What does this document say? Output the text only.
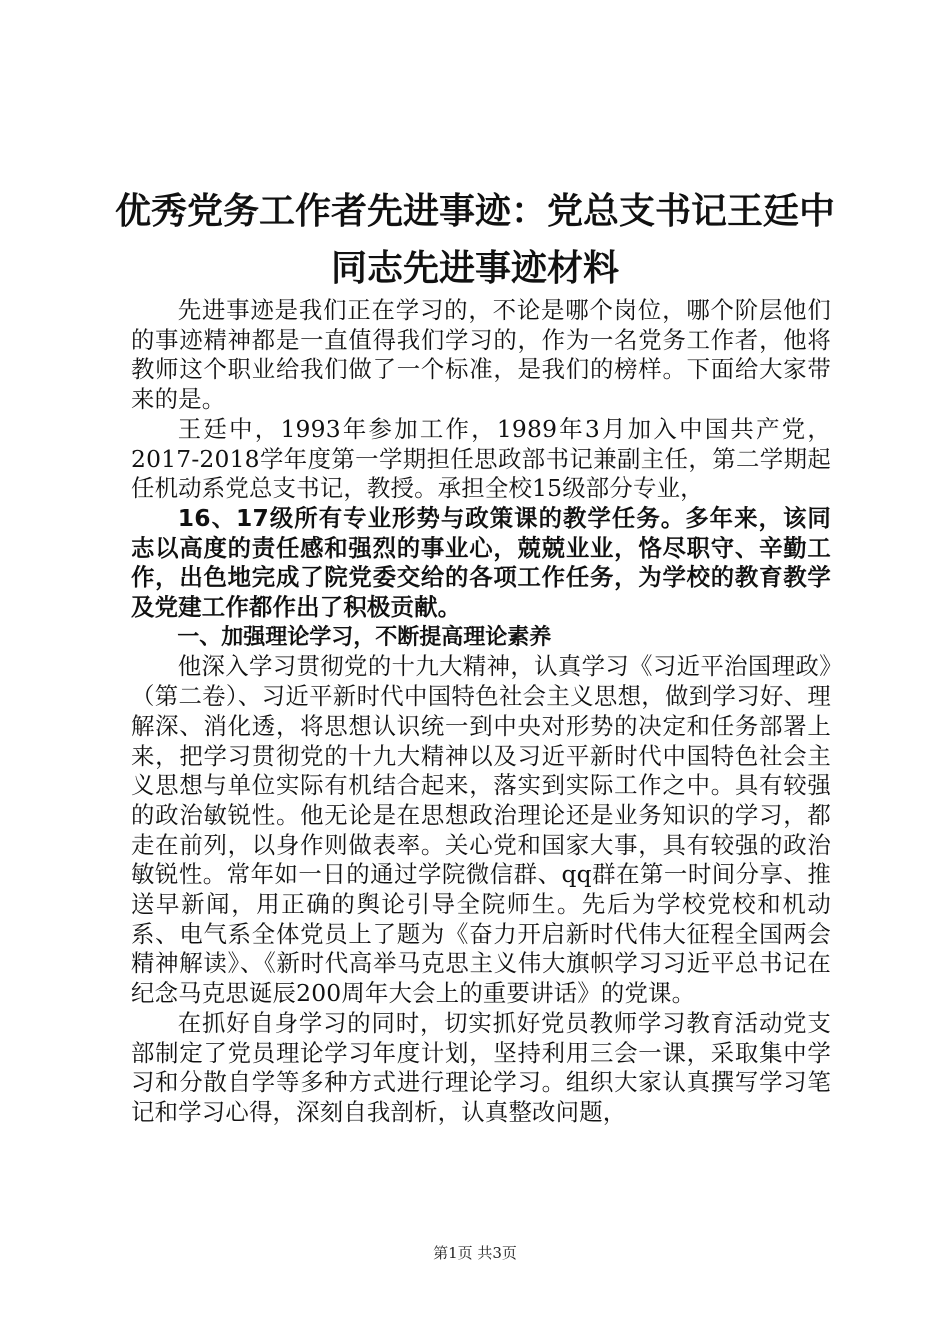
优秀党务工作者先进事迹：党总支书记王廷中
同志先进事迹材料

先进事迹是我们正在学习的，不论是哪个岗位，哪个阶层他们的事迹精神都是一直值得我们学习的，作为一名党务工作者，他将教师这个职业给我们做了一个标准，是我们的榜样。下面给大家带来的是。

王廷中，1993年参加工作，1989年3月加入中国共产党，2017-2018学年度第一学期担任思政部书记兼副主任，第二学期起任机动系党总支书记，教授。承担全校15级部分专业，

16、17级所有专业形势与政策课的教学任务。多年来，该同志以高度的责任感和强烈的事业心，兢兢业业，恪尽职守、辛勤工作，出色地完成了院党委交给的各项工作任务，为学校的教育教学及党建工作都作出了积极贡献。

一、加强理论学习，不断提高理论素养

他深入学习贯彻党的十九大精神，认真学习《习近平治国理政》（第二卷）、习近平新时代中国特色社会主义思想，做到学习好、理解深、消化透，将思想认识统一到中央对形势的决定和任务部署上来，把学习贯彻党的十九大精神以及习近平新时代中国特色社会主义思想与单位实际有机结合起来，落实到实际工作之中。具有较强的政治敏锐性。他无论是在思想政治理论还是业务知识的学习，都走在前列，以身作则做表率。关心党和国家大事，具有较强的政治敏锐性。常年如一日的通过学院微信群、qq群在第一时间分享、推送早新闻，用正确的舆论引导全院师生。先后为学校党校和机动系、电气系全体党员上了题为《奋力开启新时代伟大征程全国两会精神解读》、《新时代高举马克思主义伟大旗帜学习习近平总书记在纪念马克思诞辰200周年大会上的重要讲话》的党课。

在抓好自身学习的同时，切实抓好党员教师学习教育活动党支部制定了党员理论学习年度计划，坚持利用三会一课，采取集中学习和分散自学等多种方式进行理论学习。组织大家认真撰写学习笔记和学习心得，深刻自我剖析，认真整改问题，

第1页 共3页
